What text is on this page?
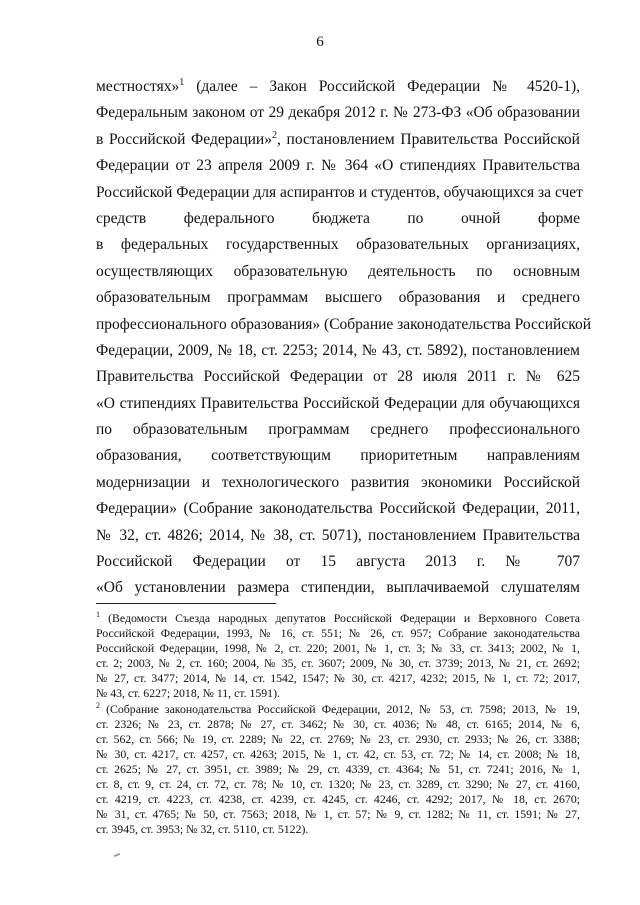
6
местностях»$^1$ (далее – Закон Российской Федерации № 4520-1),
Федеральным законом от 29 декабря 2012 г. № 273-ФЗ «Об образовании
в Российской Федерации»$^2$, постановлением Правительства Российской
Федерации от 23 апреля 2009 г. № 364 «О стипендиях Правительства
Российской Федерации для аспирантов и студентов, обучающихся за счет
средств федерального бюджета по очной форме
в федеральных государственных образовательных организациях,
осуществляющих образовательную деятельность по основным
образовательным программам высшего образования и среднего
профессионального образования» (Собрание законодательства Российской
Федерации, 2009, № 18, ст. 2253; 2014, № 43, ст. 5892), постановлением
Правительства Российской Федерации от 28 июля 2011 г. № 625
«О стипендиях Правительства Российской Федерации для обучающихся
по образовательным программам среднего профессионального
образования, соответствующим приоритетным направлениям
модернизации и технологического развития экономики Российской
Федерации» (Собрание законодательства Российской Федерации, 2011,
№ 32, ст. 4826; 2014, № 38, ст. 5071), постановлением Правительства
Российской Федерации от 15 августа 2013 г. № 707
«Об установлении размера стипендии, выплачиваемой слушателям
$^1$ (Ведомости Съезда народных депутатов Российской Федерации и Верховного Совета
Российской Федерации, 1993, № 16, ст. 551; № 26, ст. 957; Собрание законодательства
Российской Федерации, 1998, № 2, ст. 220; 2001, № 1, ст. 3; № 33, ст. 3413; 2002, № 1,
ст. 2; 2003, № 2, ст. 160; 2004, № 35, ст. 3607; 2009, № 30, ст. 3739; 2013, № 21, ст. 2692;
№ 27, ст. 3477; 2014, № 14, ст. 1542, 1547; № 30, ст. 4217, 4232; 2015, № 1, ст. 72; 2017,
№ 43, ст. 6227; 2018, № 11, ст. 1591).
$^2$ (Собрание законодательства Российской Федерации, 2012, № 53, ст. 7598; 2013, № 19,
ст. 2326; № 23, ст. 2878; № 27, ст. 3462; № 30, ст. 4036; № 48, ст. 6165; 2014, № 6,
ст. 562, ст. 566; № 19, ст. 2289; № 22, ст. 2769; № 23, ст. 2930, ст. 2933; № 26, ст. 3388;
№ 30, ст. 4217, ст. 4257, ст. 4263; 2015, № 1, ст. 42, ст. 53, ст. 72; № 14, ст. 2008; № 18,
ст. 2625; № 27, ст. 3951, ст. 3989; № 29, ст. 4339, ст. 4364; № 51, ст. 7241; 2016, № 1,
ст. 8, ст. 9, ст. 24, ст. 72, ст. 78; № 10, ст. 1320; № 23, ст. 3289, ст. 3290; № 27, ст. 4160,
ст. 4219, ст. 4223, ст. 4238, ст. 4239, ст. 4245, ст. 4246, ст. 4292; 2017, № 18, ст. 2670;
№ 31, ст. 4765; № 50, ст. 7563; 2018, № 1, ст. 57; № 9, ст. 1282; № 11, ст. 1591; № 27,
ст. 3945, ст. 3953; № 32, ст. 5110, ст. 5122).
